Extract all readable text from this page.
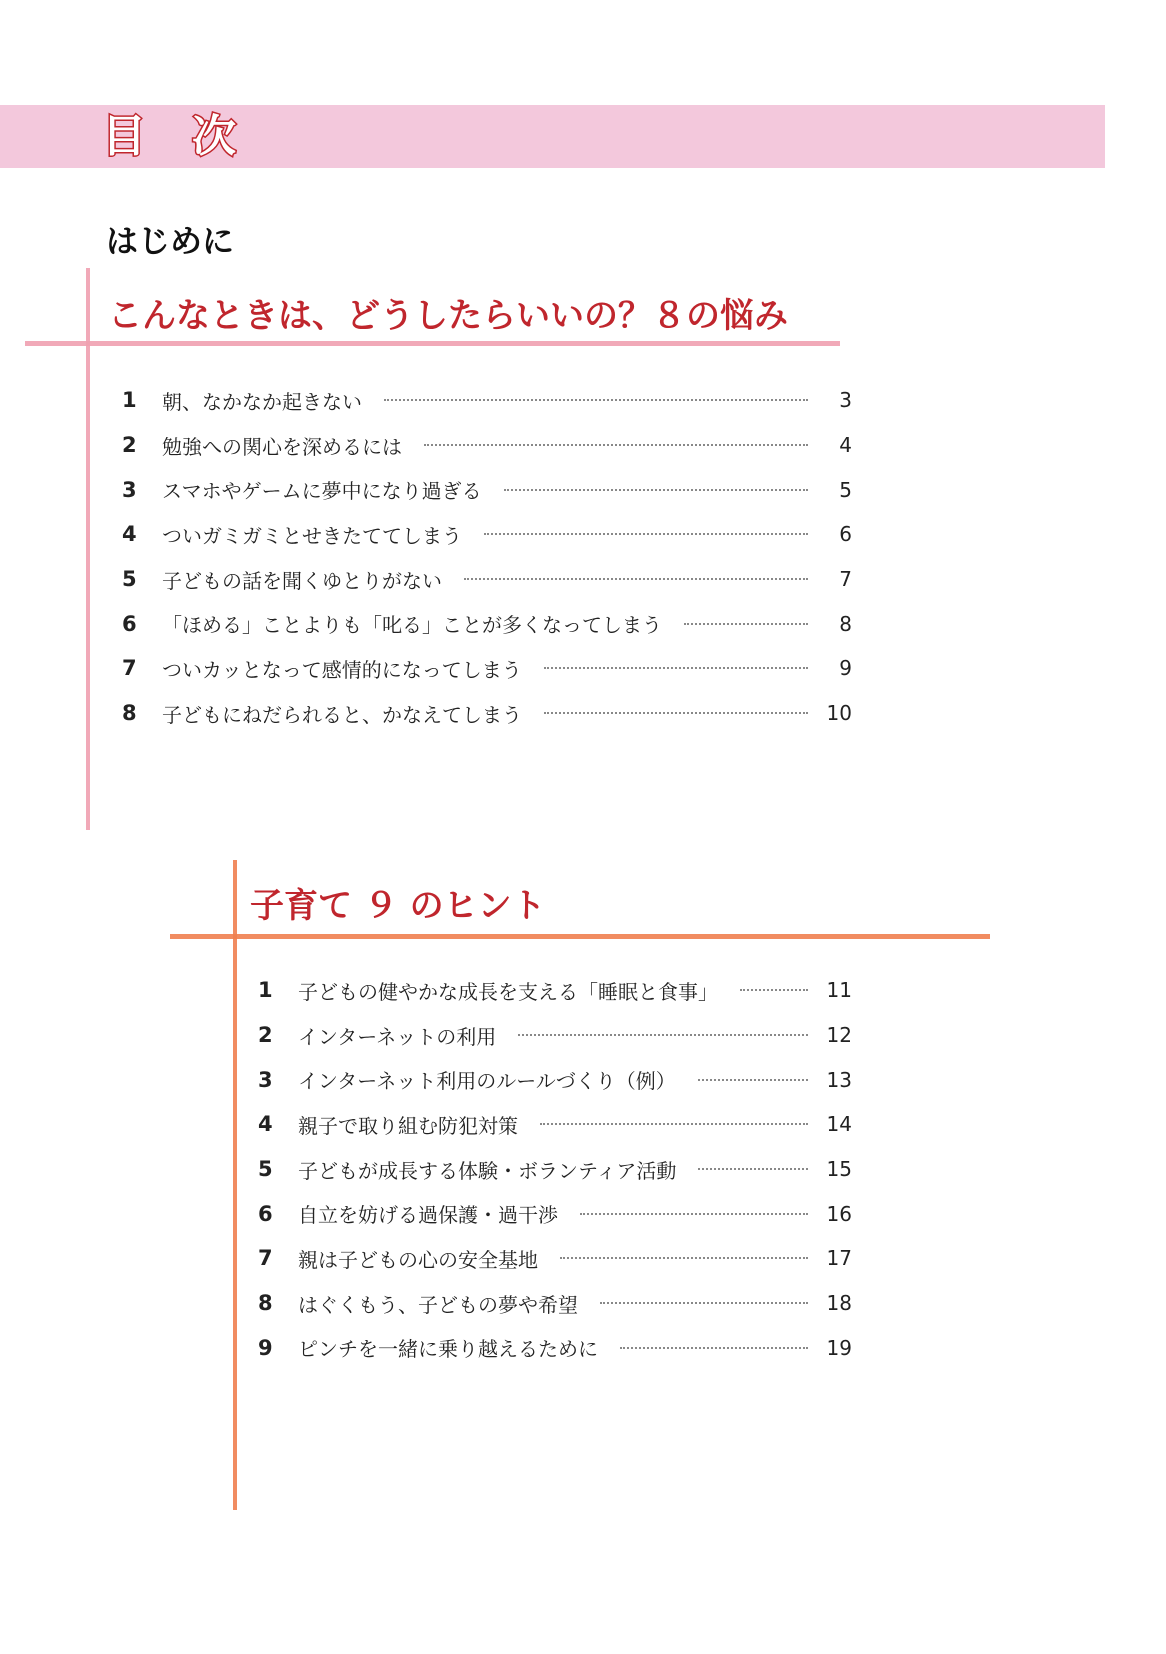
目 次
はじめに
こんなときは、どうしたらいいの？８の悩み
1	朝、なかなか起きない	3
2	勉強への関心を深めるには	4
3	スマホやゲームに夢中になり過ぎる	5
4	ついガミガミとせきたててしまう	6
5	子どもの話を聞くゆとりがない	7
6	「ほめる」ことよりも「叱る」ことが多くなってしまう	8
7	ついカッとなって感情的になってしまう	9
8	子どもにねだられると、かなえてしまう	10
子育て ９ のヒント
1	子どもの健やかな成長を支える「睡眠と食事」	11
2	インターネットの利用	12
3	インターネット利用のルールづくり（例）	13
4	親子で取り組む防犯対策	14
5	子どもが成長する体験・ボランティア活動	15
6	自立を妨げる過保護・過干渉	16
7	親は子どもの心の安全基地	17
8	はぐくもう、子どもの夢や希望	18
9	ピンチを一緒に乗り越えるために	19
